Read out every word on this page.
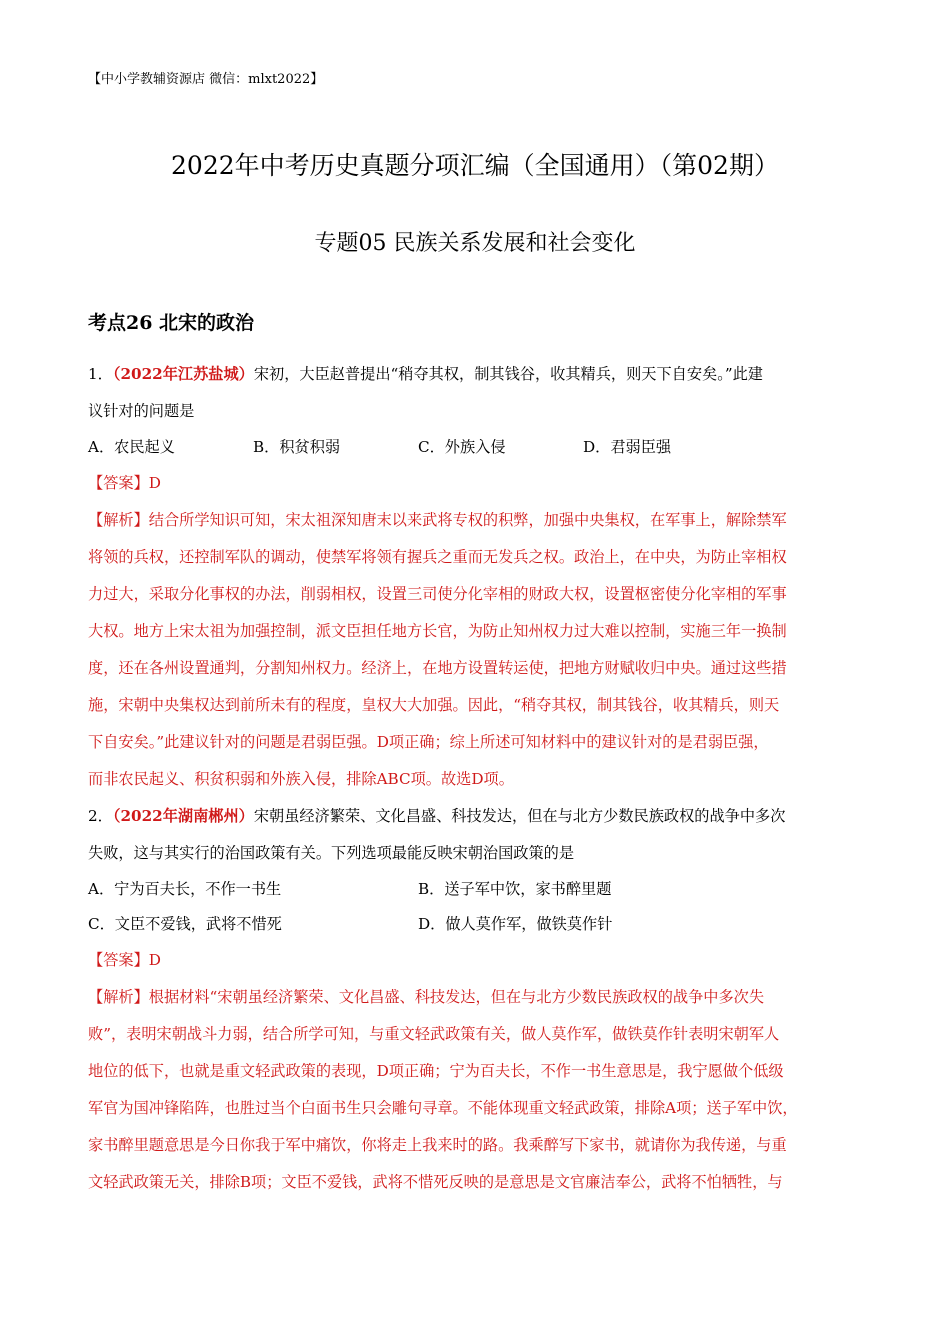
【中小学教辅资源店 微信：mlxt2022】
2022年中考历史真题分项汇编（全国通用）（第02期）
专题05 民族关系发展和社会变化
考点26 北宋的政治
1．（2022年江苏盐城）宋初，大臣赵普提出“稍夺其权，制其钱谷，收其精兵，则天下自安矣。”此建
议针对的问题是
A．农民起义	B．积贫积弱	C．外族入侵	D．君弱臣强
【答案】D
【解析】结合所学知识可知，宋太祖深知唐末以来武将专权的积弊，加强中央集权，在军事上，解除禁军
将领的兵权，还控制军队的调动，使禁军将领有握兵之重而无发兵之权。政治上，在中央，为防止宰相权
力过大，采取分化事权的办法，削弱相权，设置三司使分化宰相的财政大权，设置枢密使分化宰相的军事
大权。地方上宋太祖为加强控制，派文臣担任地方长官，为防止知州权力过大难以控制，实施三年一换制
度，还在各州设置通判，分割知州权力。经济上，在地方设置转运使，把地方财赋收归中央。通过这些措
施，宋朝中央集权达到前所未有的程度，皇权大大加强。因此，“稍夺其权，制其钱谷，收其精兵，则天
下自安矣。”此建议针对的问题是君弱臣强。D项正确；综上所述可知材料中的建议针对的是君弱臣强，
而非农民起义、积贫积弱和外族入侵，排除ABC项。故选D项。
2．（2022年湖南郴州）宋朝虽经济繁荣、文化昌盛、科技发达，但在与北方少数民族政权的战争中多次
失败，这与其实行的治国政策有关。下列选项最能反映宋朝治国政策的是
A．宁为百夫长，不作一书生	B．送子军中饮，家书醉里题
C．文臣不爱钱，武将不惜死	D．做人莫作军，做铁莫作针
【答案】D
【解析】根据材料“宋朝虽经济繁荣、文化昌盛、科技发达，但在与北方少数民族政权的战争中多次失
败”，表明宋朝战斗力弱，结合所学可知，与重文轻武政策有关，做人莫作军，做铁莫作针表明宋朝军人
地位的低下，也就是重文轻武政策的表现，D项正确；宁为百夫长，不作一书生意思是，我宁愿做个低级
军官为国冲锋陷阵，也胜过当个白面书生只会雕句寻章。不能体现重文轻武政策，排除A项；送子军中饮，
家书醉里题意思是今日你我于军中痛饮，你将走上我来时的路。我乘醉写下家书，就请你为我传递，与重
文轻武政策无关，排除B项；文臣不爱钱，武将不惜死反映的是意思是文官廉洁奉公，武将不怕牺牲，与
